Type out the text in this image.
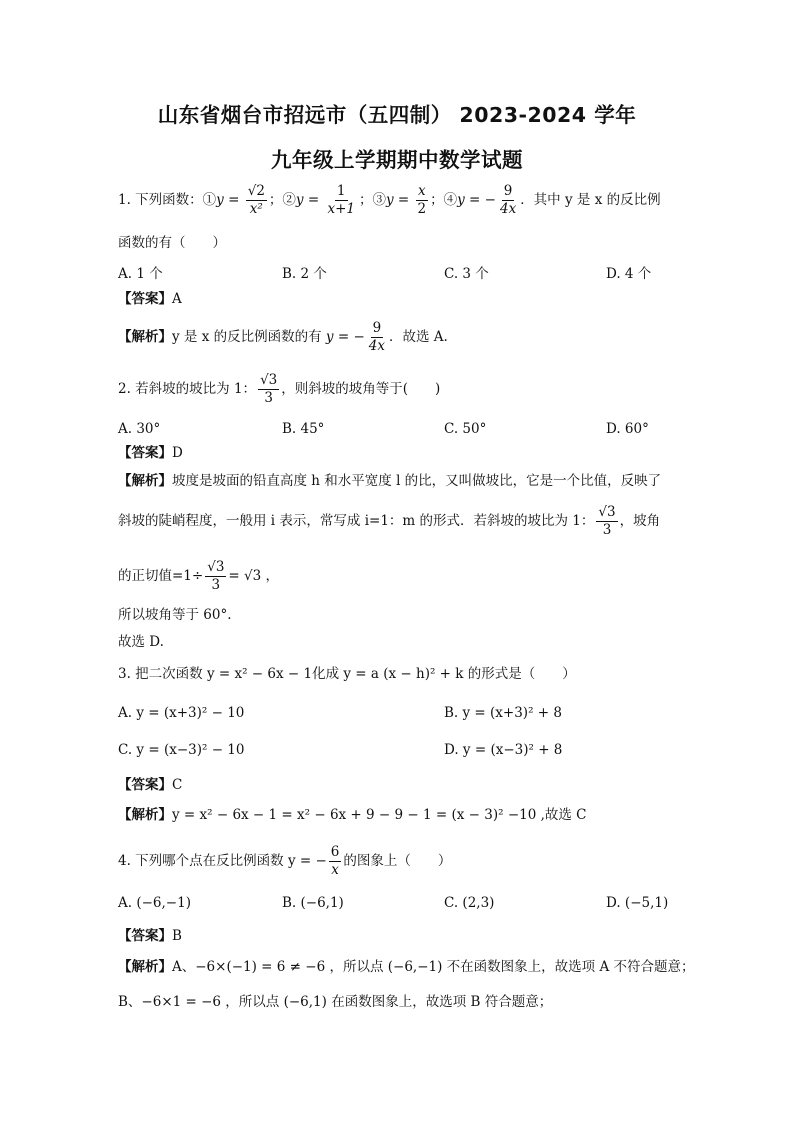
山东省烟台市招远市（五四制） 2023-2024 学年
九年级上学期期中数学试题
1. 下列函数：① $y = \frac{√2}{\text{x²}}$ ；② $y = \frac{1}{x+1}$ ；③ $y = \frac{x}{2}$ ；④ y = − $\frac{9}{4x}$ ．其中 y 是 x 的反比例
函数的有（　　）
A. 1 个	B. 2 个	C. 3 个	D. 4 个
【答案】A
【解析】 y 是 x 的反比例函数的有
y = − $\frac{9}{4x}$ ．故选 A.
2. 若斜坡的坡比为 1： $\frac{√3}{3}$ ，则斜坡的坡角等于(　　)
A. 30°	B. 45°	C. 50°	D. 60°
【答案】D
【解析】坡度是坡面的铅直高度 h 和水平宽度 l 的比，又叫做坡比，它是一个比值，反映了
斜坡的陡峭程度，一般用 i 表示，常写成 i=1：m 的形式．若斜坡的坡比为 1： $\frac{√3}{3}$ ，坡角
的正切值$=1\div \frac{√3}{3} = √3$ ，
所以坡角等于 60°.
故选 D.
3. 把二次函数 y = x² − 6x − 1化成 y = a (x − h)² + k 的形式是（　　）
A. y = (x+3)² − 10	B. y = (x+3)² + 8
C. y = (x−3)² − 10	D. y = (x−3)² + 8
【答案】C
【解析】y = x² − 6x − 1 = x² − 6x + 9 − 9 − 1 = (x − 3)² −10 ,故选 C
4. 下列哪个点在反比例函数 y = − $\frac{6}{x}$ 的图象上（　　）
A. (−6,−1)	B. (−6,1)	C. (2,3)	D. (−5,1)
【答案】B
【解析】A、−6×(−1) = 6 ≠ −6 ，所以点 (−6,−1) 不在函数图象上，故选项 A 不符合题意；
B、−6×1 = −6 ，所以点 (−6,1) 在函数图象上，故选项 B 符合题意；
